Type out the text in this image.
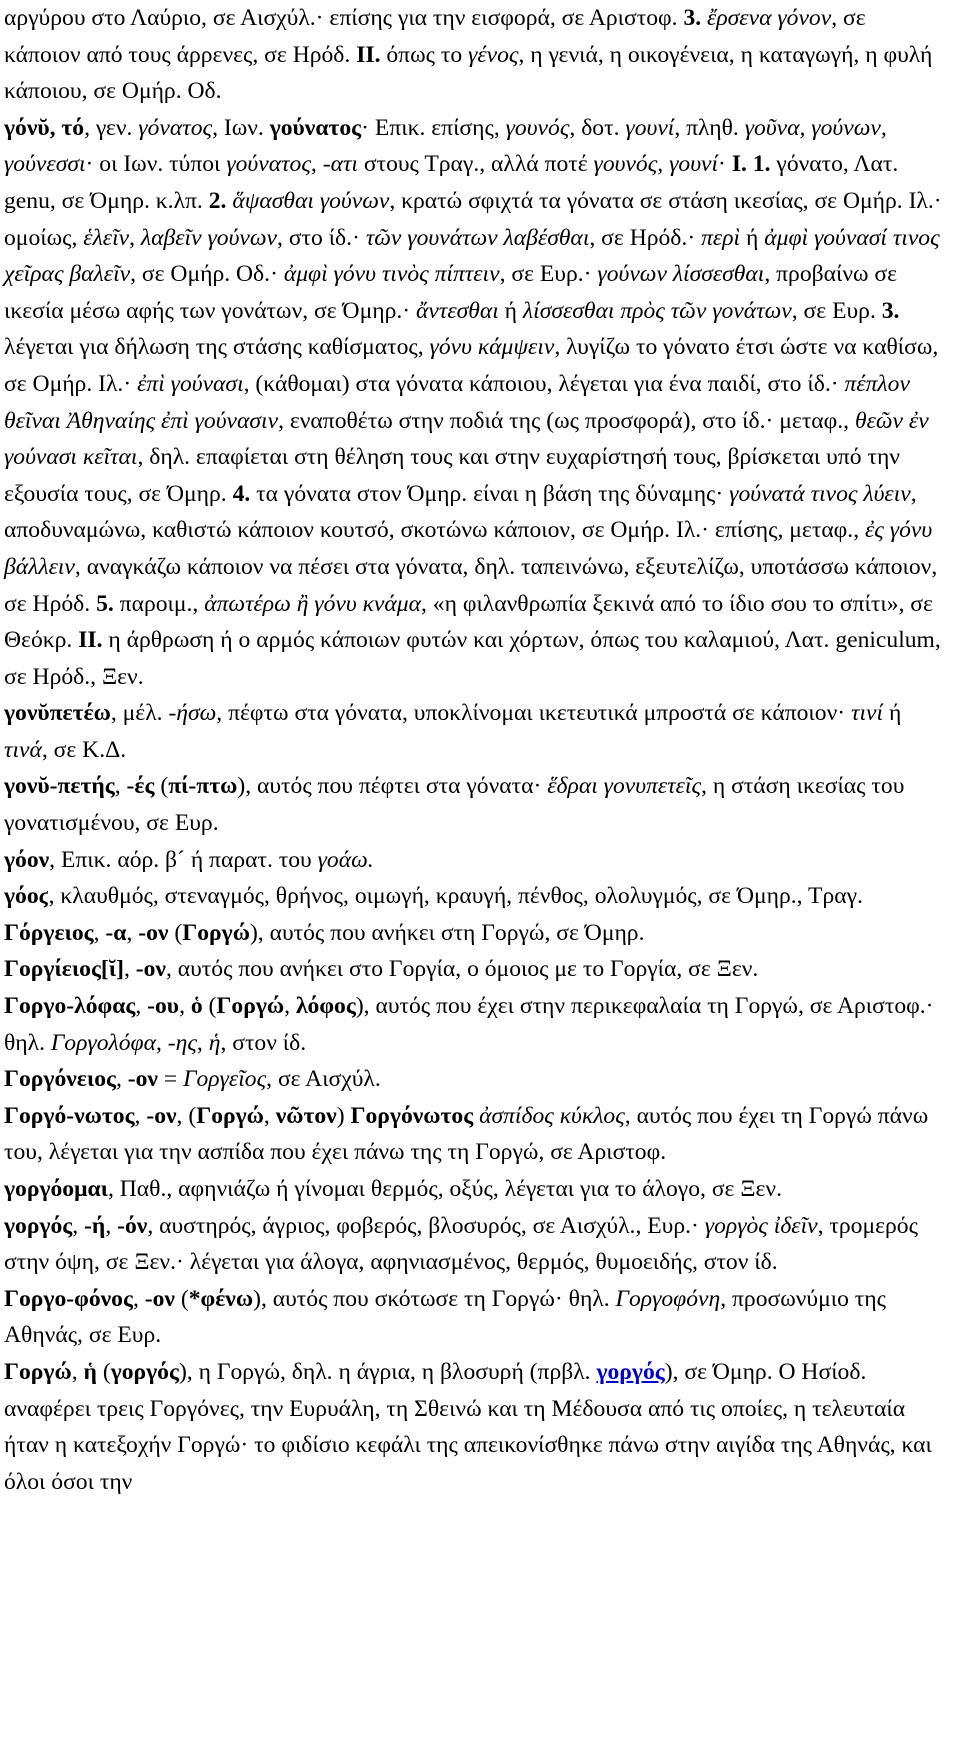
αργύρου στο Λαύριο, σε Αισχύλ.· επίσης για την εισφορά, σε Αριστοφ. 3. ἔρσενα γόνον, σε κάποιον από τους άρρενες, σε Ηρόδ. II. όπως το γένος, η γενιά, η οικογένεια, η καταγωγή, η φυλή κάποιου, σε Ομήρ. Οδ.

γόνῠ, τό, γεν. γόνατος, Ιων. γούνατος· Επικ. επίσης, γουνός, δοτ. γουνί, πληθ. γοῦνα, γούνων, γούνεσσι· οι Ιων. τύποι γούνατος, -ατι στους Τραγ., αλλά ποτέ γουνός, γουνί· I. 1. γόνατο, Λατ. genu, σε Όμηρ. κ.λπ. 2. ἅψασθαι γούνων, κρατώ σφιχτά τα γόνατα σε στάση ικεσίας, σε Ομήρ. Ιλ.· ομοίως, ἑλεῖν, λαβεῖν γούνων, στο ίδ.· τῶν γουνάτων λαβέσθαι, σε Ηρόδ.· περὶ ή ἀμφὶ γούνασί τινος χεῖρας βαλεῖν, σε Ομήρ. Οδ.· ἀμφὶ γόνυ τινὸς πίπτειν, σε Ευρ.· γούνων λίσσεσθαι, προβαίνω σε ικεσία μέσω αφής των γονάτων, σε Όμηρ.· ἄντεσθαι ή λίσσεσθαι πρὸς τῶν γονάτων, σε Ευρ. 3. λέγεται για δήλωση της στάσης καθίσματος, γόνυ κάμψειν, λυγίζω το γόνατο έτσι ώστε να καθίσω, σε Ομήρ. Ιλ.· ἐπὶ γούνασι, (κάθομαι) στα γόνατα κάποιου, λέγεται για ένα παιδί, στο ίδ.· πέπλον θεῖναι Ἀθηναίης ἐπὶ γούνασιν, εναποθέτω στην ποδιά της (ως προσφορά), στο ίδ.· μεταφ., θεῶν ἐν γούνασι κεῖται, δηλ. επαφίεται στη θέληση τους και στην ευχαρίστησή τους, βρίσκεται υπό την εξουσία τους, σε Όμηρ. 4. τα γόνατα στον Όμηρ. είναι η βάση της δύναμης· γούνατά τινος λύειν, αποδυναμώνω, καθιστώ κάποιον κουτσό, σκοτώνω κάποιον, σε Ομήρ. Ιλ.· επίσης, μεταφ., ἐς γόνυ βάλλειν, αναγκάζω κάποιον να πέσει στα γόνατα, δηλ. ταπεινώνω, εξευτελίζω, υποτάσσω κάποιον, σε Ηρόδ. 5. παροιμ., ἀπωτέρω ἢ γόνυ κνάμα, «η φιλανθρωπία ξεκινά από το ίδιο σου το σπίτι», σε Θεόκρ. II. η άρθρωση ή ο αρμός κάποιων φυτών και χόρτων, όπως του καλαμιού, Λατ. geniculum, σε Ηρόδ., Ξεν.

γονῠπετέω, μέλ. -ήσω, πέφτω στα γόνατα, υποκλίνομαι ικετευτικά μπροστά σε κάποιον· τινί ή τινά, σε Κ.Δ.

γονῠ-πετής, -ές (πί-πτω), αυτός που πέφτει στα γόνατα· ἕδραι γονυπετεῖς, η στάση ικεσίας του γονατισμένου, σε Ευρ.

γόον, Επικ. αόρ. β´ ή παρατ. του γοάω.

γόοϛ, κλαυθμός, στεναγμός, θρήνος, οιμωγή, κραυγή, πένθος, ολολυγμός, σε Όμηρ., Τραγ.

Γόργειος, -α, -ον (Γοργώ), αυτός που ανήκει στη Γοργώ, σε Όμηρ.

Γοργίειος[ῐ], -ον, αυτός που ανήκει στο Γοργία, ο όμοιος με το Γοργία, σε Ξεν.

Γοργο-λόφας, -ου, ὁ (Γοργώ, λόφος), αυτός που έχει στην περικεφαλαία τη Γοργώ, σε Αριστοφ.· θηλ. Γοργολόφα, -ης, ἡ, στον ίδ.

Γοργόνειος, -ον = Γοργεῖος, σε Αισχύλ.

Γοργό-νωτος, -ον, (Γοργώ, νῶτον) Γοργόνωτος ἀσπίδος κύκλος, αυτός που έχει τη Γοργώ πάνω του, λέγεται για την ασπίδα που έχει πάνω της τη Γοργώ, σε Αριστοφ.

γοργόομαι, Παθ., αφηνιάζω ή γίνομαι θερμός, οξύς, λέγεται για το άλογο, σε Ξεν.

γοργός, -ή, -όν, αυστηρός, άγριος, φοβερός, βλοσυρός, σε Αισχύλ., Ευρ.· γοργὸς ἰδεῖν, τρομερός στην όψη, σε Ξεν.· λέγεται για άλογα, αφηνιασμένος, θερμός, θυμοειδής, στον ίδ.

Γοργο-φόνος, -ον (*φένω), αυτός που σκότωσε τη Γοργώ· θηλ. Γοργοφόνη, προσωνύμιο της Αθηνάς, σε Ευρ.

Γοργώ, ἡ (γοργός), η Γοργώ, δηλ. η άγρια, η βλοσυρή (πρβλ. γοργός), σε Όμηρ. Ο Ησίοδ. αναφέρει τρεις Γοργόνες, την Ευρυάλη, τη Σθεινώ και τη Μέδουσα από τις οποίες, η τελευταία ήταν η κατεξοχήν Γοργώ· το φιδίσιο κεφάλι της απεικονίσθηκε πάνω στην αιγίδα της Αθηνάς, και όλοι όσοι την
